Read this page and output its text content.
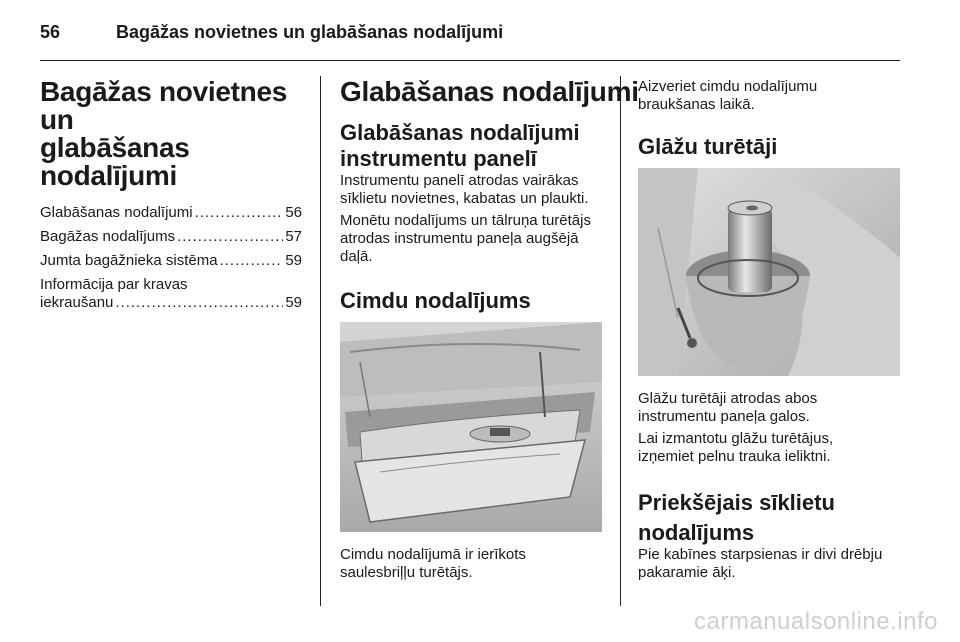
56	Bagāžas novietnes un glabāšanas nodalījumi
Bagāžas novietnes un
glabāšanas
nodalījumi
Glabāšanas nodalījumi .....	56
Bagāžas nodalījums .....	57
Jumta bagāžnieka sistēma .....	59
Informācija par kravas
iekraušanu .....	59
Glabāšanas nodalījumi
Glabāšanas nodalījumi
instrumentu panelī

Instrumentu panelī atrodas vairākas

sīklietu novietnes, kabatas un plaukti.

Monētu nodalījums un tālruņa turētājs

atrodas instrumentu paneļa augšējā

daļā.

Cimdu nodalījums

Cimdu nodalījumā ir ierīkots

saulesbriļļu turētājs.

Aizveriet cimdu nodalījumu

braukšanas laikā.

Glāžu turētāji

Glāžu turētāji atrodas abos

instrumentu paneļa galos.

Lai izmantotu glāžu turētājus,

izņemiet pelnu trauka ieliktni.

Priekšējais sīklietu
nodalījums

Pie kabīnes starpsienas ir divi drēbju

pakaramie āķi.

carmanualsonline.info
